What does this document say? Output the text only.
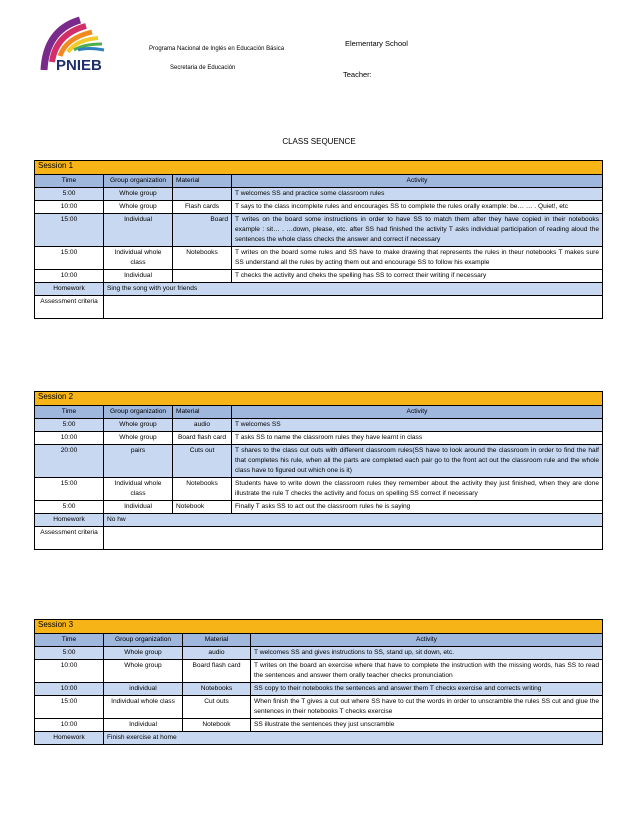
PNIEB
Programa Nacional de Inglés en Educación Básica
Secretaria de Educación
Elementary School
Teacher:
CLASS SEQUENCE
Session 1			
Time	Group organization	Material	Activity
5:00	Whole group		T welcomes SS and practice some classroom rules
10:00	Whole group	Flash cards	T says to the class incomplete rules and encourages SS to complete the rules orally example: be… … . Quiet!, etc
15:00	Individual	Board	T writes on the board some instructions in order to have SS to match them after they have copied in their notebooks example : sit… . …down, please, etc. after SS had finished the activity T asks individual participation of reading aloud the sentences the whole class checks the answer and correct if necessary
15:00	Individual whole class	Notebooks	T writes on the board some rules and SS have to make drawing that represents the rules in theur notebooks T makes sure SS understand all the rules by acting them out and encourage SS to follow his example
10:00	Individual		T checks the activity and cheks the spelling has SS to correct their writing if necessary
Homework	Sing the song with your friends		
Assessment criteria			
Session 2			
Time	Group organization	Material	Activity
5:00	Whole group	audio	T welcomes SS
10:00	Whole group	Board flash card	T asks SS to name the classroom rules they have learnt in class
20:00	pairs	Cuts out	T shares to the class cut outs with different classroom rules(SS have to look around the classroom in order to find the half that completes his rule, when all the parts are completed each pair go to the front act out the classroom rule and the whole class have to figured out which one is it)
15:00	Individual whole class	Notebooks	Students have to write down the classroom rules they remember about the activity they just finished, when they are done illustrate the rule T checks the activity and focus on spelling SS correct if necessary
5:00	Individual	Notebook	Finally T asks SS to act out the classroom rules he is saying
Homework	No hw		
Assessment criteria			
Session 3			
Time	Group organization	Material	Activity
5:00	Whole group	audio	T welcomes SS and gives instructions to SS, stand up, sit down, etc.
10:00	Whole group	Board flash card	T writes on the board an exercise where that have to complete the instruction with the missing words, has SS to read the sentences and answer them orally teacher checks pronunciation
10:00	individual	Notebooks	SS copy to their notebooks the sentences and answer them T checks exercise and corrects writing
15:00	Individual whole class	Cut outs	When finish the T gives a cut out where SS have to cut the words in order to unscramble the rules SS cut and glue the sentences in their notebooks T checks exercise
10:00	Individual	Notebook	SS illustrate the sentences they just unscramble
Homework	Finish exercise at home		
